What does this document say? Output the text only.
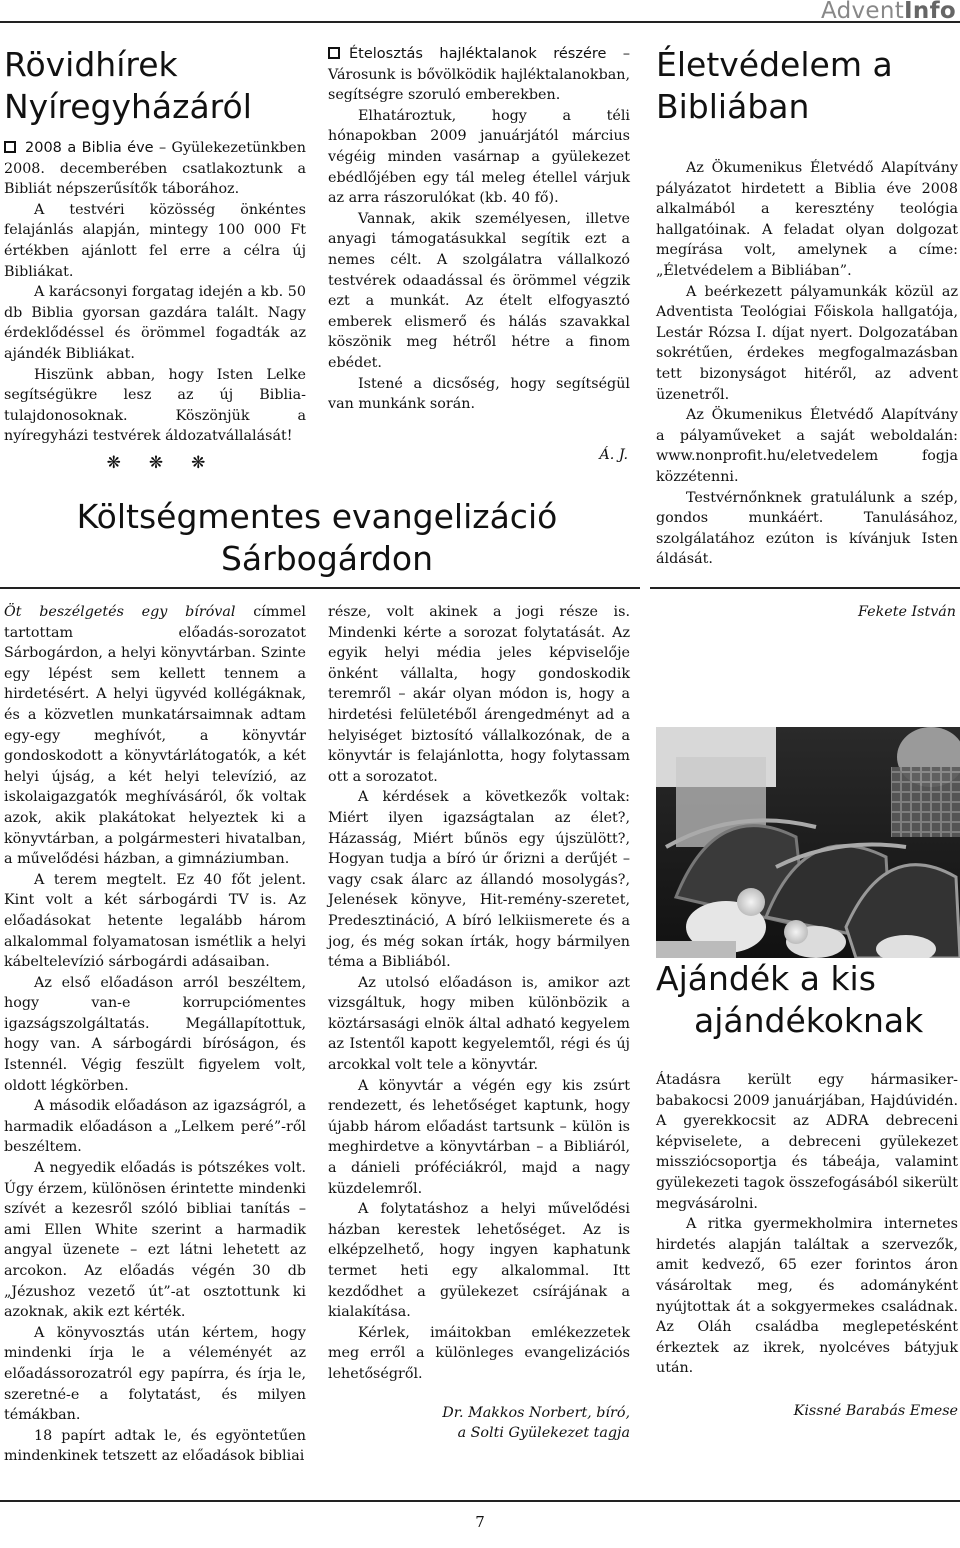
AdventInfo
Rövidhírek Nyíregyházáról

2008 a Biblia éve – Gyülekezetünkben 2008. decemberében csatlakoztunk a Bibliát népszerűsítők táborához.

A testvéri közösség önkéntes felajánlás alapján, mintegy 100 000 Ft értékben ajánlott fel erre a célra új Bibliákat.

A karácsonyi forgatag idején a kb. 50 db Biblia gyorsan gazdára talált. Nagy érdeklődéssel és örömmel fogadták az ajándék Bibliákat.

Hiszünk abban, hogy Isten Lelke segítségükre lesz az új Biblia-tulajdonosoknak. Köszönjük a nyíregyházi testvérek áldozatvállalását!

❋❋❋

Ételosztás hajléktalanok részére – Városunk is bővölködik hajléktalanokban, segítségre szoruló emberekben.

Elhatároztuk, hogy a téli hónapokban 2009 januárjától március végéig minden vasárnap a gyülekezet ebédlőjében egy tál meleg étellel várjuk az arra rászorulókat (kb. 40 fő).

Vannak, akik személyesen, illetve anyagi támogatásukkal segítik ezt a nemes célt. A szolgálatra vállalkozó testvérek odaadással és örömmel végzik ezt a munkát. Az ételt elfogyasztó emberek elismerő és hálás szavakkal köszönik meg hétről hétre a finom ebédet.

Istené a dicsőség, hogy segítségül van munkánk során.

Á. J.

Költségmentes evangelizáció
Sárbogárdon

Öt beszélgetés egy bíróval címmel tartottam előadás-sorozatot Sárbogárdon, a helyi könyvtárban. Szinte egy lépést sem kellett tennem a hirdetésért. A helyi ügyvéd kollégáknak, és a közvetlen munkatársaimnak adtam egy-egy meghívót, a könyvtár gondoskodott a könyvtárlátogatók, a két helyi újság, a két helyi televízió, az iskolaigazgatók meghívásáról, ők voltak azok, akik plakátokat helyeztek ki a könyvtárban, a polgármesteri hivatalban, a művelődési házban, a gimnáziumban.

A terem megtelt. Ez 40 főt jelent. Kint volt a két sárbogárdi TV is. Az előadásokat hetente legalább három alkalommal folyamatosan ismétlik a helyi kábeltelevízió sárbogárdi adásaiban.

Az első előadáson arról beszéltem, hogy van-e korrupciómentes igazságszolgáltatás. Megállapítottuk, hogy van. A sárbogárdi bíróságon, és Istennél. Végig feszült figyelem volt, oldott légkörben.

A második előadáson az igazságról, a harmadik előadáson a „Lelkem peré”-ről beszéltem.

A negyedik előadás is pótszékes volt. Úgy érzem, különösen érintette mindenki szívét a kezesről szóló bibliai tanítás – ami Ellen White szerint a harmadik angyal üzenete – ezt látni lehetett az arcokon. Az előadás végén 30 db „Jézushoz vezető út”-at osztottunk ki azoknak, akik ezt kérték.

A könyvosztás után kértem, hogy mindenki írja le a véleményét az előadássorozatról egy papírra, és írja le, szeretné-e a folytatást, és milyen témákban.

18 papírt adtak le, és egyöntetűen mindenkinek tetszett az előadások bibliai

része, volt akinek a jogi része is. Mindenki kérte a sorozat folytatását. Az egyik helyi média jeles képviselője önként vállalta, hogy gondoskodik teremről – akár olyan módon is, hogy a hirdetési felületéből árengedményt ad a helyiséget biztosító vállalkozónak, de a könyvtár is felajánlotta, hogy folytassam ott a sorozatot.

A kérdések a következők voltak: Miért ilyen igazságtalan az élet?, Házasság, Miért bűnös egy újszülött?, Hogyan tudja a bíró úr őrizni a derűjét – vagy csak álarc az állandó mosolygás?, Jelenések könyve, Hit-remény-szeretet, Predesztináció, A bíró lelkiismerete és a jog, és még sokan írták, hogy bármilyen téma a Bibliából.

Az utolsó előadáson is, amikor azt vizsgáltuk, hogy miben különbözik a köztársasági elnök által adható kegyelem az Istentől kapott kegyelemtől, régi és új arcokkal volt tele a könyvtár.

A könyvtár a végén egy kis zsúrt rendezett, és lehetőséget kaptunk, hogy újabb három előadást tartsunk – külön is meghirdetve a könyvtárban – a Bibliáról, a dánieli próféciákról, majd a nagy küzdelemről.

A folytatáshoz a helyi művelődési házban kerestek lehetőséget. Az is elképzelhető, hogy ingyen kaphatunk termet heti egy alkalommal. Itt kezdődhet a gyülekezet csírájának a kialakítása.

Kérlek, imáitokban emlékezzetek meg erről a különleges evangelizációs lehetőségről.

Dr. Makkos Norbert, bíró,
a Solti Gyülekezet tagja

Életvédelem a Bibliában

Az Ökumenikus Életvédő Alapítvány pályázatot hirdetett a Biblia éve 2008 alkalmából a keresztény teológia hallgatóinak. A feladat olyan dolgozat megírása volt, amelynek a címe: „Életvédelem a Bibliában”.

A beérkezett pályamunkák közül az Adventista Teológiai Főiskola hallgatója, Lestár Rózsa I. díjat nyert. Dolgozatában sokrétűen, érdekes megfogalmazásban tett bizonyságot hitéről, az advent üzenetről.

Az Ökumenikus Életvédő Alapítvány a pályaműveket a saját weboldalán: www.nonprofit.hu/eletvedelem fogja közzétenni.

Testvérnőnknek gratulálunk a szép, gondos munkáért. Tanulásához, szolgálatához ezúton is kívánjuk Isten áldását.

Fekete István

Ajándék a kis
ajándékoknak

Átadásra került egy hármasiker-babakocsi 2009 januárjában, Hajdúvidén. A gyerekkocsit az ADRA debreceni képviselete, a debreceni gyülekezet missziócsoportja és tábeája, valamint gyülekezeti tagok összefogásából sikerült megvásárolni.

A ritka gyermekholmira internetes hirdetés alapján találtak a szervezők, amit kedvező, 65 ezer forintos áron vásároltak meg, és adományként nyújtottak át a sokgyermekes családnak. Az Oláh családba meglepetésként érkeztek az ikrek, nyolcéves bátyjuk után.

Kissné Barabás Emese

7
